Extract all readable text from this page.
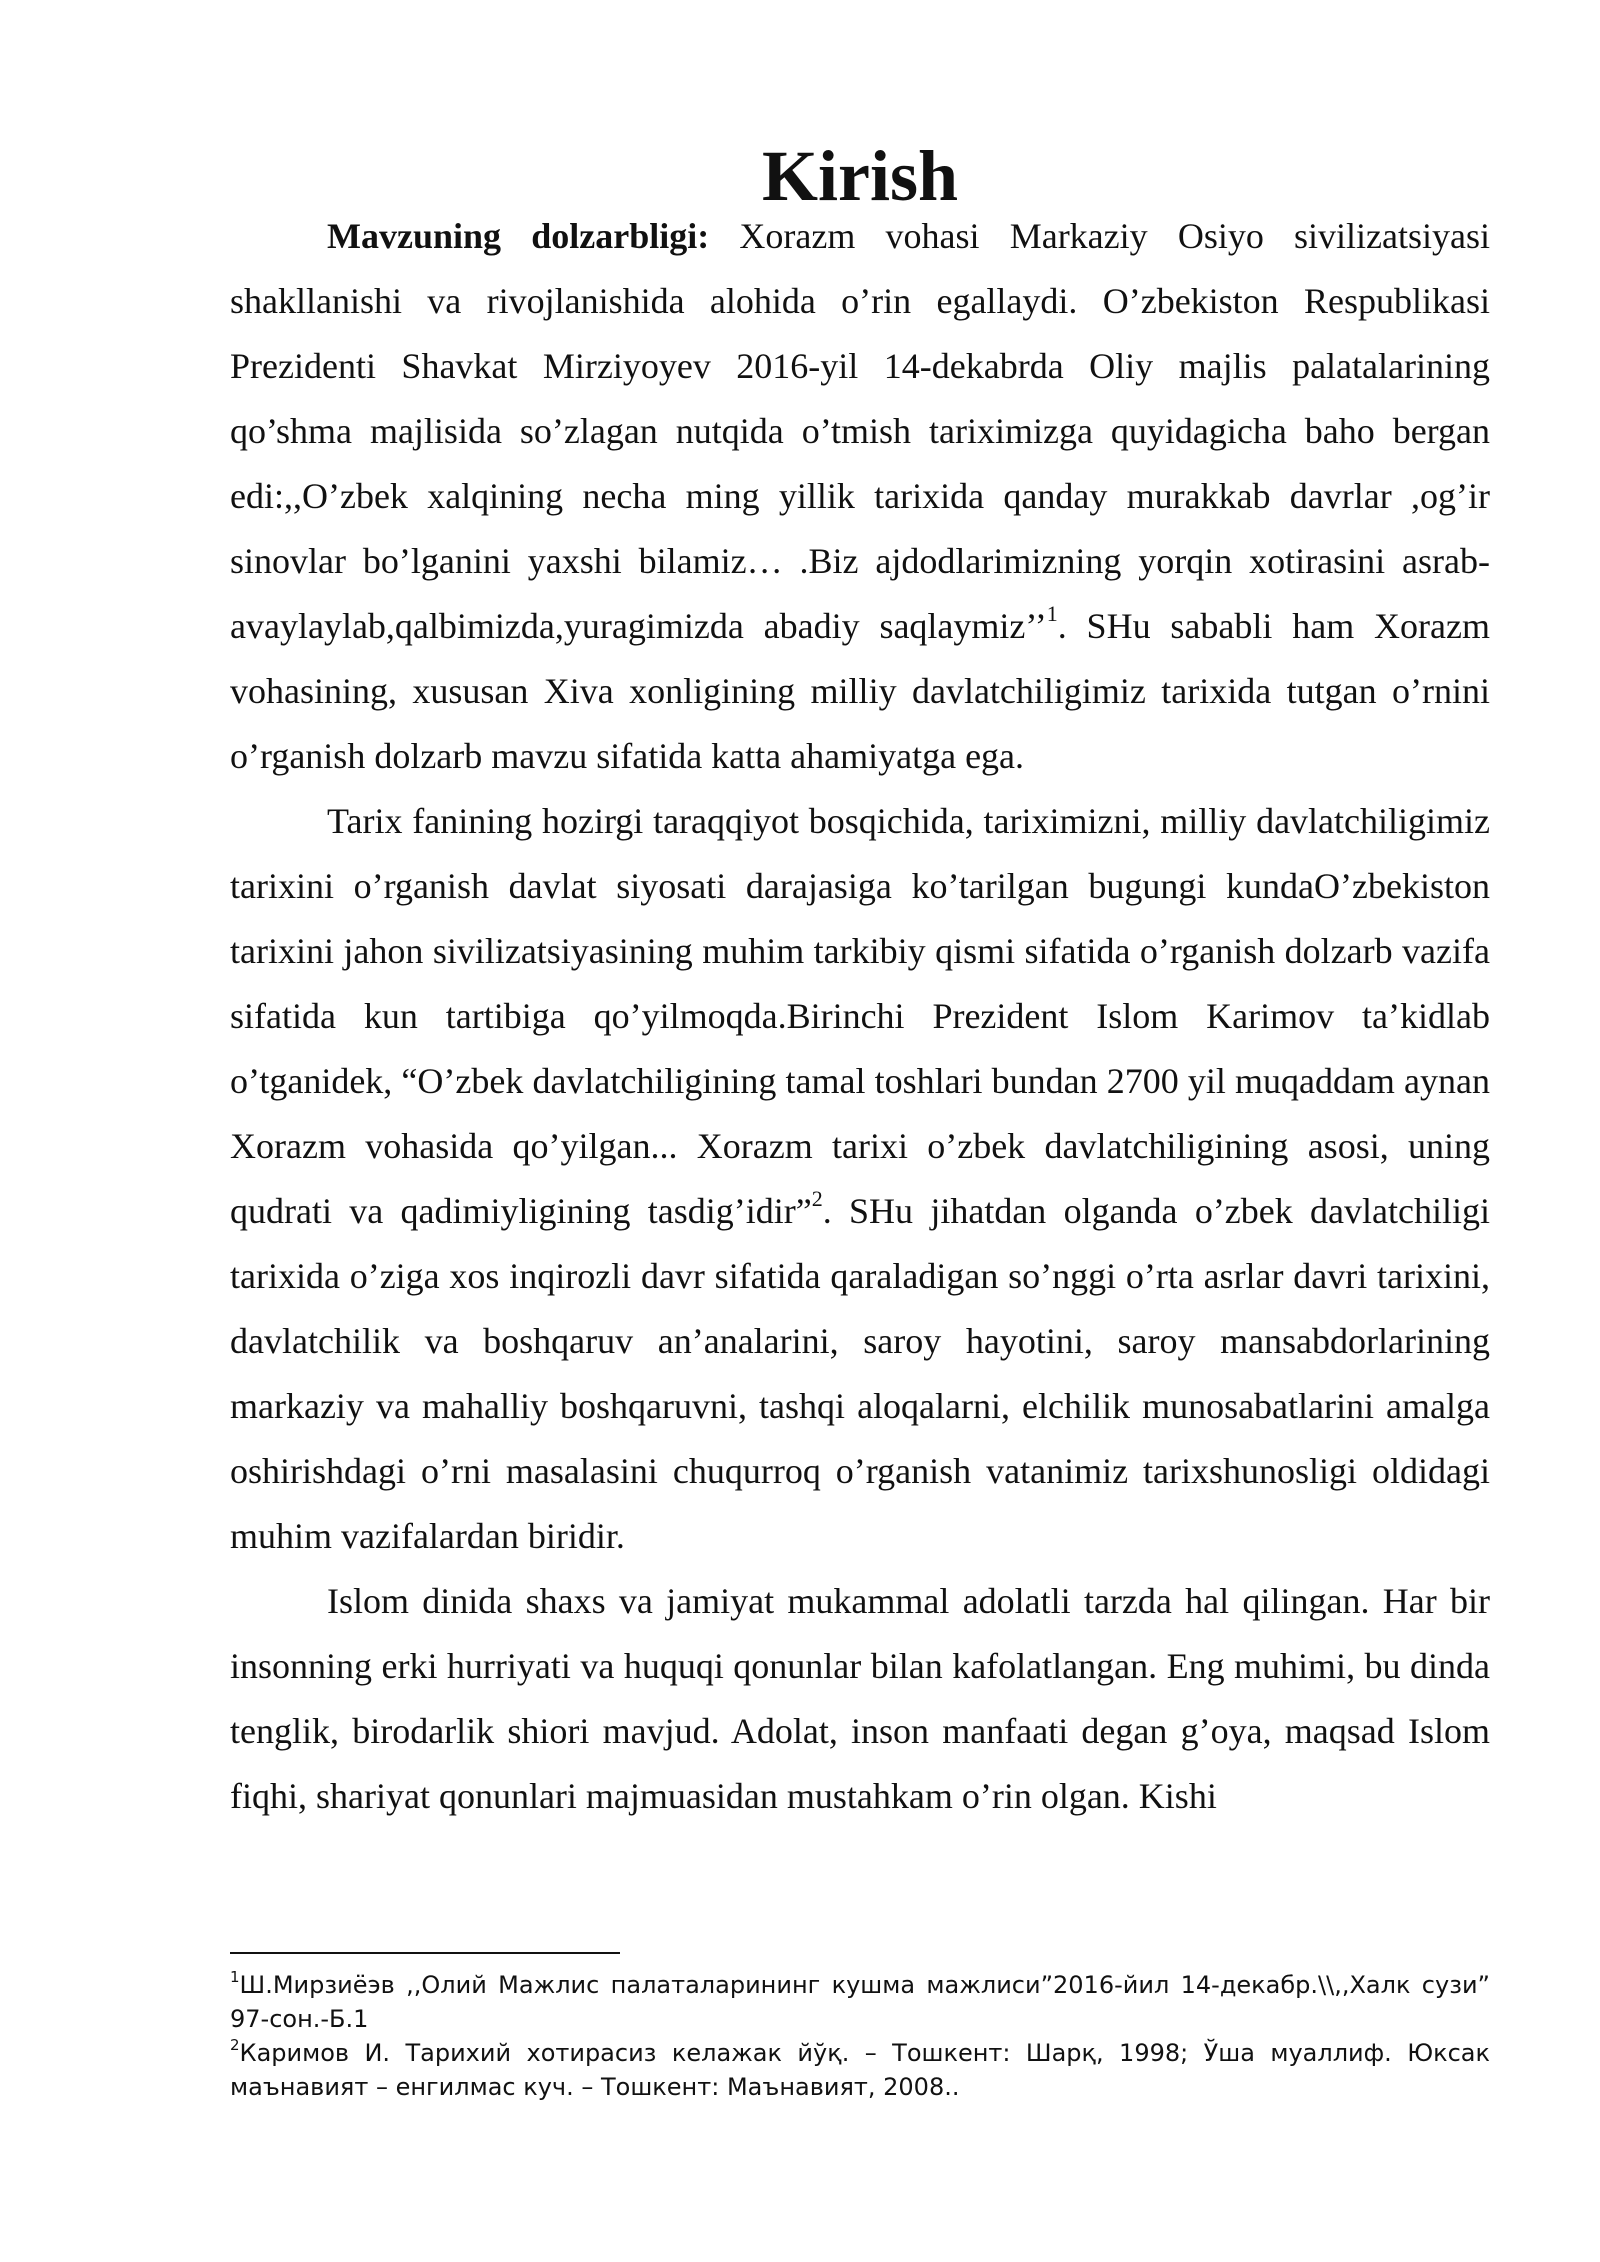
Kirish

Mavzuning dolzarbligi: Xorazm vohasi Markaziy Osiyo sivilizatsiyasi shakllanishi va rivojlanishida alohida o’rin egallaydi. O’zbekiston Respublikasi Prezidenti Shavkat Mirziyoyev 2016-yil 14-dekabrda Oliy majlis palatalarining qo’shma majlisida so’zlagan nutqida o’tmish tariximizga quyidagicha baho bergan edi:,,O’zbek xalqining necha ming yillik tarixida qanday murakkab davrlar ,og’ir sinovlar bo’lganini yaxshi bilamiz… .Biz ajdodlarimizning yorqin xotirasini asrab-avaylaylab,qalbimizda,yuragimizda abadiy saqlaymiz’’$^1$. SHu sababli ham Xorazm vohasining, xususan Xiva xonligining milliy davlatchiligimiz tarixida tutgan o’rnini o’rganish dolzarb mavzu sifatida katta ahamiyatga ega.

Tarix fanining hozirgi taraqqiyot bosqichida, tariximizni, milliy davlatchiligimiz tarixini o’rganish davlat siyosati darajasiga ko’tarilgan bugungi kundaO’zbekiston tarixini jahon sivilizatsiyasining muhim tarkibiy qismi sifatida o’rganish dolzarb vazifa sifatida kun tartibiga qo’yilmoqda.Birinchi Prezident Islom Karimov ta’kidlab o’tganidek, “O’zbek davlatchiligining tamal toshlari bundan 2700 yil muqaddam aynan Xorazm vohasida qo’yilgan... Xorazm tarixi o’zbek davlatchiligining asosi, uning qudrati va qadimiyligining tasdig’idir”$^2$. SHu jihatdan olganda o’zbek davlatchiligi tarixida o’ziga xos inqirozli davr sifatida qaraladigan so’nggi o’rta asrlar davri tarixini, davlatchilik va boshqaruv an’analarini, saroy hayotini, saroy mansabdorlarining markaziy va mahalliy boshqaruvni, tashqi aloqalarni, elchilik munosabatlarini amalga oshirishdagi o’rni masalasini chuqurroq o’rganish vatanimiz tarixshunosligi oldidagi muhim vazifalardan biridir.

Islom dinida shaxs va jamiyat mukammal adolatli tarzda hal qilingan. Har bir insonning erki hurriyati va huquqi qonunlar bilan kafolatlangan. Eng muhimi, bu dinda tenglik, birodarlik shiori mavjud. Adolat, inson manfaati degan g’oya, maqsad Islom fiqhi, shariyat qonunlari majmuasidan mustahkam o’rin olgan. Kishi

$^1$Ш.Мирзиёэв ,,Олий Мажлис палаталарининг кушма мажлиси”2016-йил 14-декабр.\\,,Халк сузи” 97-сон.-Б.1

$^2$Каримов И. Тарихий хотирасиз келажак йўқ. – Тошкент: Шарқ, 1998; Ўша муаллиф. Юксак маънавият – енгилмас куч. – Тошкент: Маънавият, 2008..
